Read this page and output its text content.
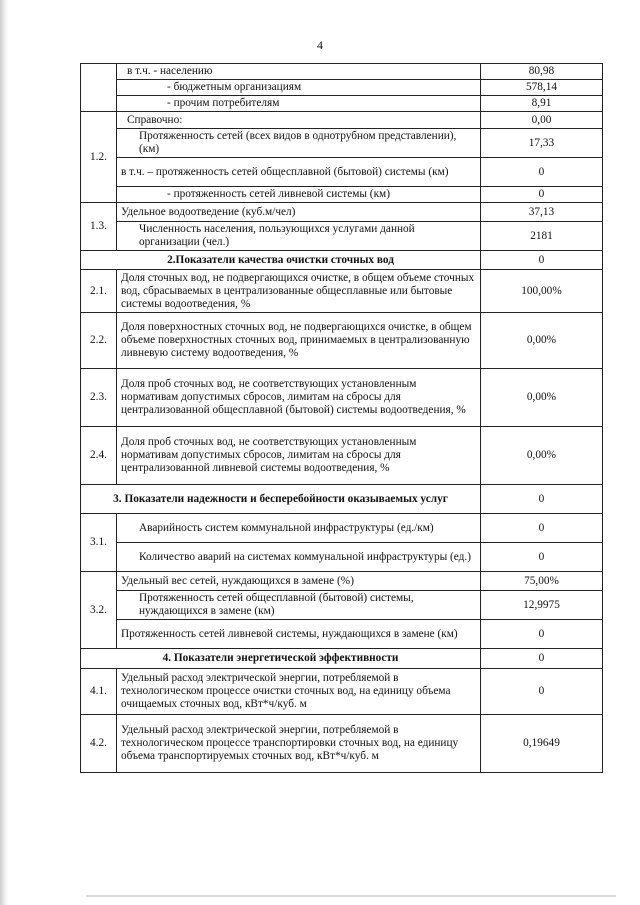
4
	в т.ч. - населению	80,98
	- бюджетным организациям	578,14
	- прочим потребителям	8,91
1.2.	Справочно:	0,00
	Протяженность сетей (всех видов в однотрубном представлении), (км)	17,33
	в т.ч. – протяженность сетей общесплавной (бытовой) системы (км)	0
	- протяженность сетей ливневой системы (км)	0
1.3.	Удельное водоотведение (куб.м/чел)	37,13
	Численность населения, пользующихся услугами данной организации (чел.)	2181
2.Показатели качества очистки сточных вод		0
2.1.	Доля сточных вод, не подвергающихся очистке, в общем объеме сточных вод, сбрасываемых в централизованные общесплавные или бытовые системы водоотведения, %	100,00%
2.2.	Доля поверхностных сточных вод, не подвергающихся очистке, в общем объеме поверхностных сточных вод, принимаемых в централизованную ливневую систему водоотведения, %	0,00%
2.3.	Доля проб сточных вод, не соответствующих установленным нормативам допустимых сбросов, лимитам на сбросы для централизованной общесплавной (бытовой) системы водоотведения, %	0,00%
2.4.	Доля проб сточных вод, не соответствующих установленным нормативам допустимых сбросов, лимитам на сбросы для централизованной ливневой системы водоотведения, %	0,00%
3. Показатели надежности и бесперебойности оказываемых услуг		0
3.1.	Аварийность систем коммунальной инфраструктуры (ед./км)	0
	Количество аварий на системах коммунальной инфраструктуры (ед.)	0
3.2.	Удельный вес сетей, нуждающихся в замене (%)	75,00%
	Протяженность сетей общесплавной (бытовой) системы, нуждающихся в замене (км)	12,9975
	Протяженность сетей ливневой системы, нуждающихся в замене (км)	0
4. Показатели энергетической эффективности		0
4.1.	Удельный расход электрической энергии, потребляемой в технологическом процессе очистки сточных вод, на единицу объема очищаемых сточных вод, кВт*ч/куб. м	0
4.2.	Удельный расход электрической энергии, потребляемой в технологическом процессе транспортировки сточных вод, на единицу объема транспортируемых сточных вод, кВт*ч/куб. м	0,19649
